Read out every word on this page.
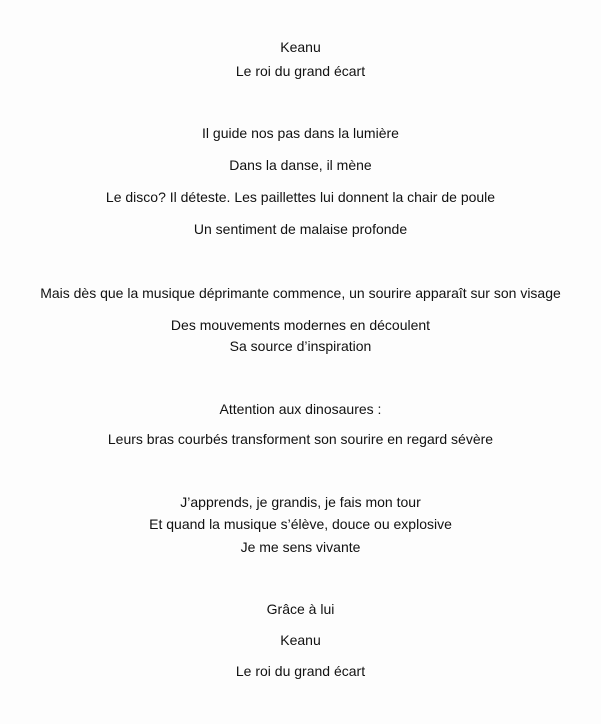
Keanu
Le roi du grand écart
Il guide nos pas dans la lumière
Dans la danse, il mène
Le disco? Il déteste. Les paillettes lui donnent la chair de poule
Un sentiment de malaise profonde
Mais dès que la musique déprimante commence, un sourire apparaît sur son visage
Des mouvements modernes en découlent
Sa source d’inspiration
Attention aux dinosaures :
Leurs bras courbés transforment son sourire en regard sévère
J’apprends, je grandis, je fais mon tour
Et quand la musique s’élève, douce ou explosive
Je me sens vivante
Grâce à lui
Keanu
Le roi du grand écart
